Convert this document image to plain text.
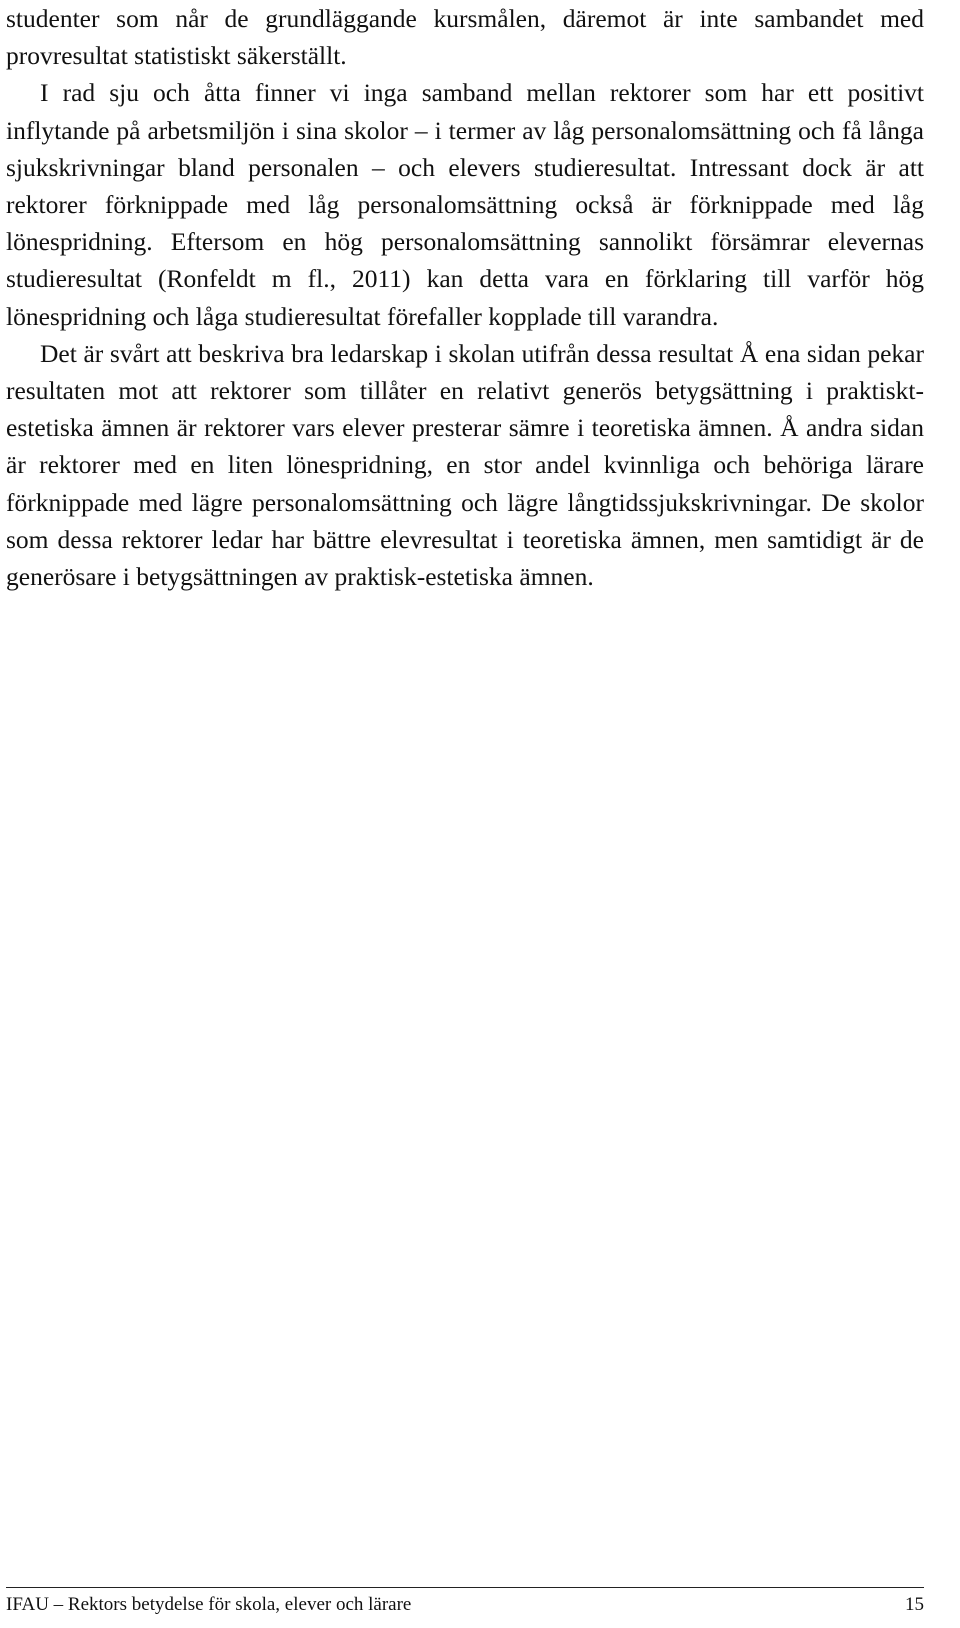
studenter som når de grundläggande kursmålen, däremot är inte sambandet med provresultat statistiskt säkerställt.

I rad sju och åtta finner vi inga samband mellan rektorer som har ett positivt inflytande på arbetsmiljön i sina skolor – i termer av låg personalomsättning och få långa sjukskrivningar bland personalen – och elevers studieresultat. Intressant dock är att rektorer förknippade med låg personalomsättning också är förknippade med låg lönespridning. Eftersom en hög personalomsättning sannolikt försämrar elevernas studieresultat (Ronfeldt m fl., 2011) kan detta vara en förklaring till varför hög lönespridning och låga studieresultat förefaller kopplade till varandra.

Det är svårt att beskriva bra ledarskap i skolan utifrån dessa resultat Å ena sidan pekar resultaten mot att rektorer som tillåter en relativt generös betygsättning i praktiskt-estetiska ämnen är rektorer vars elever presterar sämre i teoretiska ämnen. Å andra sidan är rektorer med en liten lönespridning, en stor andel kvinnliga och behöriga lärare förknippade med lägre personalomsättning och lägre långtidssjukskrivningar. De skolor som dessa rektorer ledar har bättre elevresultat i teoretiska ämnen, men samtidigt är de generösare i betygsättningen av praktisk-estetiska ämnen.

IFAU – Rektors betydelse för skola, elever och lärare	15
